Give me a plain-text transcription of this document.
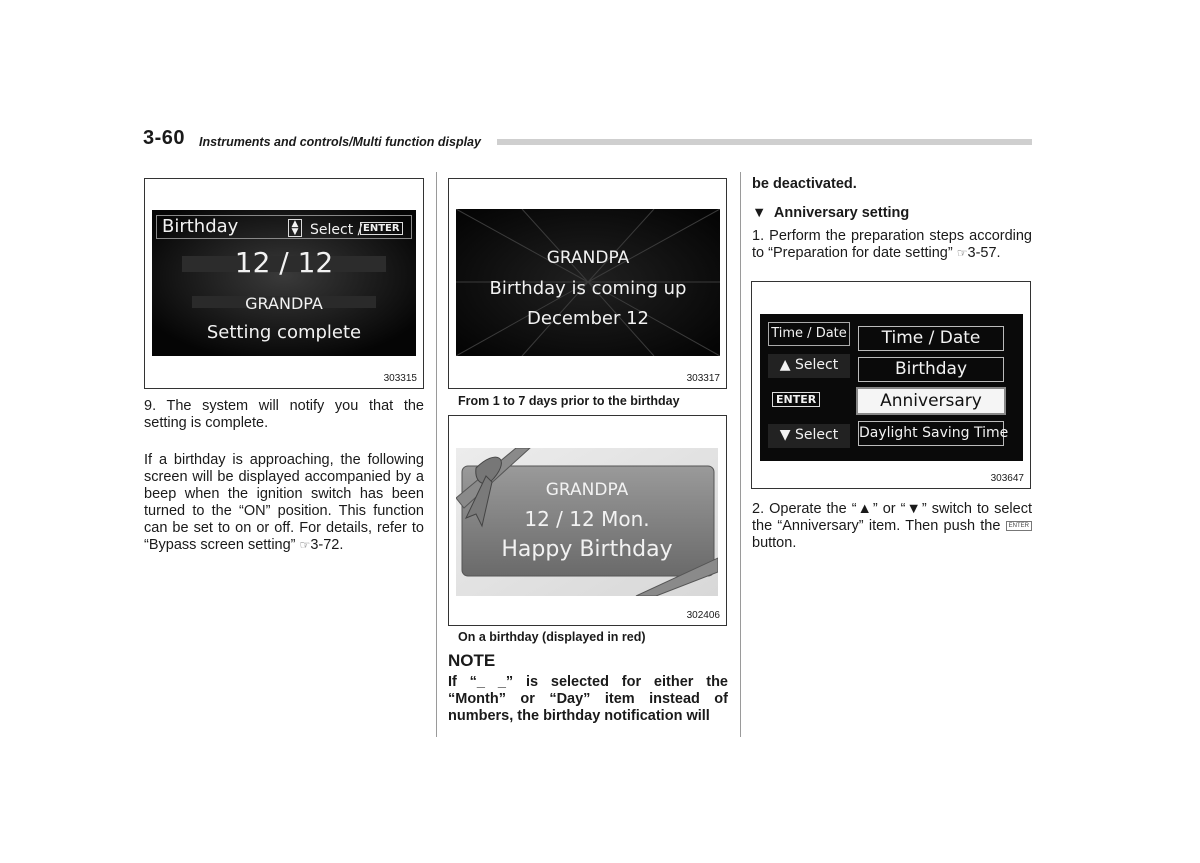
3-60 Instruments and controls/Multi function display
Birthday	▲
▼ Select / ENTER
12 / 12
GRANDPA
Setting complete
303315
9. The system will notify you that the setting is complete.
If a birthday is approaching, the following screen will be displayed accompanied by a beep when the ignition switch has been turned to the “ON” position. This function can be set to on or off. For details, refer to “Bypass screen setting” ☞3-72.
GRANDPA
Birthday is coming up
December 12
303317
From 1 to 7 days prior to the birthday
GRANDPA
12 / 12 Mon.
Happy Birthday
302406
On a birthday (displayed in red)
NOTE
If “_ _” is selected for either the “Month” or “Day” item instead of numbers, the birthday notification will
be deactivated.
▼ Anniversary setting
1. Perform the preparation steps according to “Preparation for date setting” ☞3-57.
Time / Date
▲ Select
ENTER
▼ Select
Time / Date
Birthday
Anniversary
Daylight Saving Time
303647
2. Operate the “▲” or “▼” switch to select the “Anniversary” item. Then push the ENTER button.
